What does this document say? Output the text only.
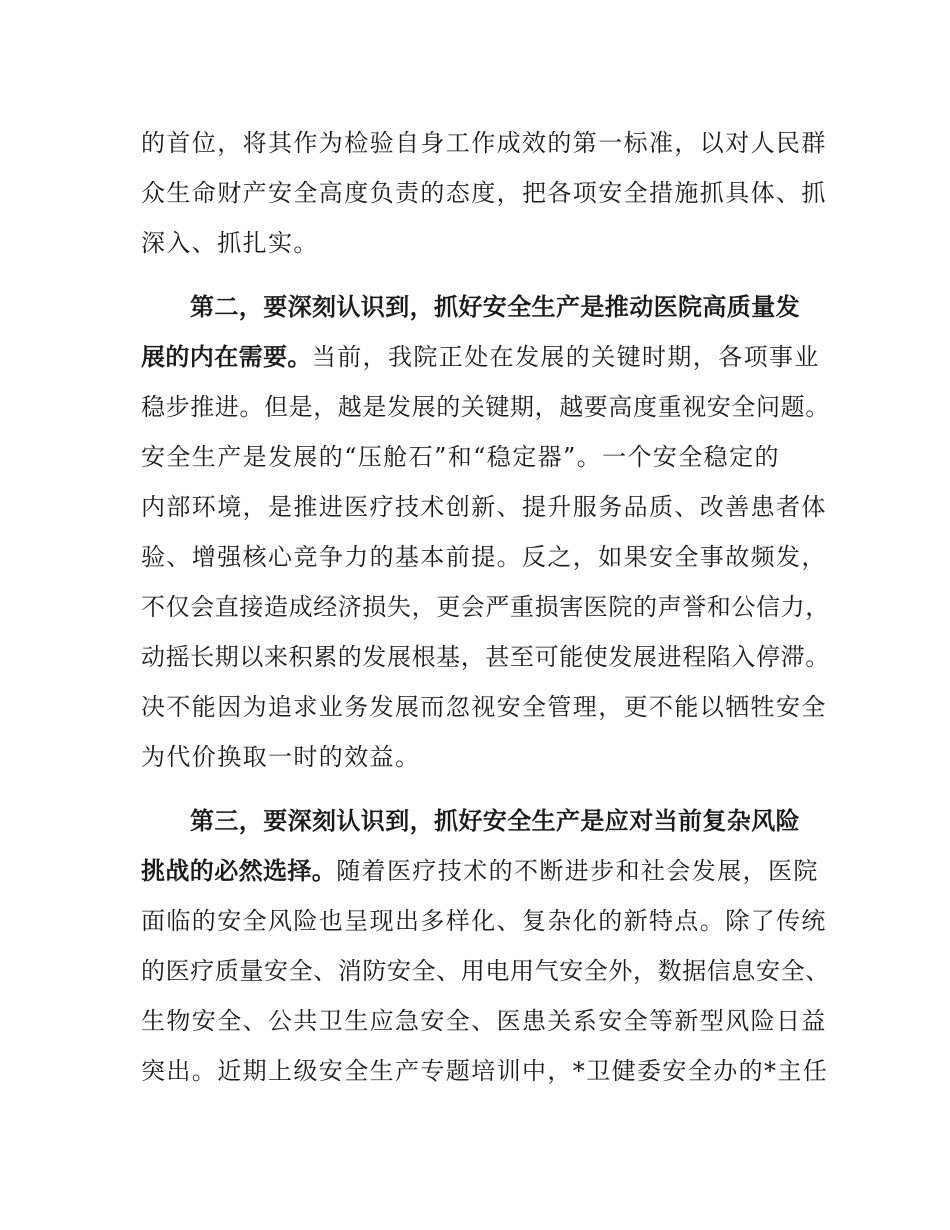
的首位，将其作为检验自身工作成效的第一标准，以对人民群
众生命财产安全高度负责的态度，把各项安全措施抓具体、抓
深入、抓扎实。
第二，要深刻认识到，抓好安全生产是推动医院高质量发
展的内在需要。当前，我院正处在发展的关键时期，各项事业
稳步推进。但是，越是发展的关键期，越要高度重视安全问题。
安全生产是发展的“压舱石”和“稳定器”。一个安全稳定的
内部环境，是推进医疗技术创新、提升服务品质、改善患者体
验、增强核心竞争力的基本前提。反之，如果安全事故频发，
不仅会直接造成经济损失，更会严重损害医院的声誉和公信力，
动摇长期以来积累的发展根基，甚至可能使发展进程陷入停滞。
决不能因为追求业务发展而忽视安全管理，更不能以牺牲安全
为代价换取一时的效益。
第三，要深刻认识到，抓好安全生产是应对当前复杂风险
挑战的必然选择。随着医疗技术的不断进步和社会发展，医院
面临的安全风险也呈现出多样化、复杂化的新特点。除了传统
的医疗质量安全、消防安全、用电用气安全外，数据信息安全、
生物安全、公共卫生应急安全、医患关系安全等新型风险日益
突出。近期上级安全生产专题培训中，*卫健委安全办的*主任
